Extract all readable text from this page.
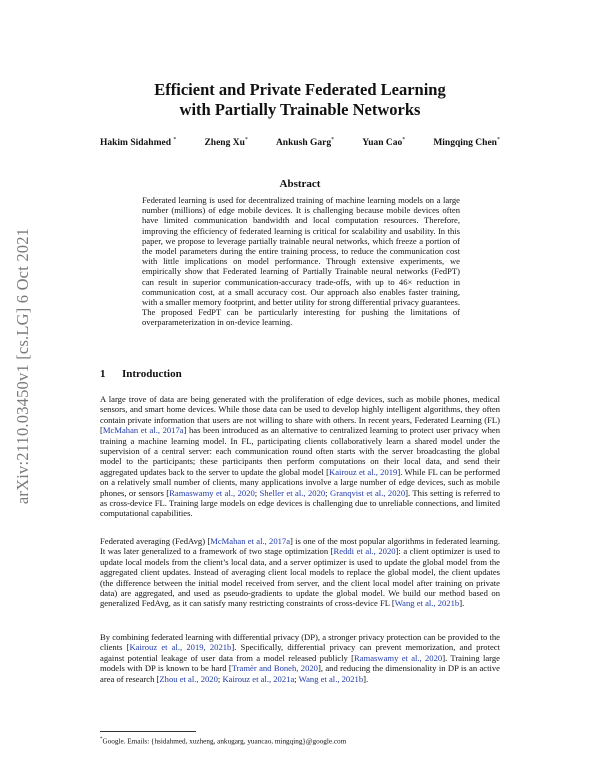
arXiv:2110.03450v1 [cs.LG] 6 Oct 2021
Efficient and Private Federated Learning
with Partially Trainable Networks
Hakim Sidahmed *	Zheng Xu*	Ankush Garg*	Yuan Cao*	Mingqing Chen*
Abstract

Federated learning is used for decentralized training of machine learning models on a large number (millions) of edge mobile devices. It is challenging because mobile devices often have limited communication bandwidth and local computation resources. Therefore, improving the efficiency of federated learning is critical for scalability and usability. In this paper, we propose to leverage partially trainable neural networks, which freeze a portion of the model parameters during the entire training process, to reduce the communication cost with little implications on model performance. Through extensive experiments, we empirically show that Federated learning of Partially Trainable neural networks (FedPT) can result in superior communication-accuracy trade-offs, with up to 46× reduction in communication cost, at a small accuracy cost. Our approach also enables faster training, with a smaller memory footprint, and better utility for strong differential privacy guarantees. The proposed FedPT can be particularly interesting for pushing the limitations of overparameterization in on-device learning.

1 Introduction

A large trove of data are being generated with the proliferation of edge devices, such as mobile phones, medical sensors, and smart home devices. While those data can be used to develop highly intelligent algorithms, they often contain private information that users are not willing to share with others. In recent years, Federated Learning (FL) [McMahan et al., 2017a] has been introduced as an alternative to centralized learning to protect user privacy when training a machine learning model. In FL, participating clients collaboratively learn a shared model under the supervision of a central server: each communication round often starts with the server broadcasting the global model to the participants; these participants then perform computations on their local data, and send their aggregated updates back to the server to update the global model [Kairouz et al., 2019]. While FL can be performed on a relatively small number of clients, many applications involve a large number of edge devices, such as mobile phones, or sensors [Ramaswamy et al., 2020; Sheller et al., 2020; Granqvist et al., 2020]. This setting is referred to as cross-device FL. Training large models on edge devices is challenging due to unreliable connections, and limited computational capabilities.

Federated averaging (FedAvg) [McMahan et al., 2017a] is one of the most popular algorithms in federated learning. It was later generalized to a framework of two stage optimization [Reddi et al., 2020]: a client optimizer is used to update local models from the client’s local data, and a server optimizer is used to update the global model from the aggregated client updates. Instead of averaging client local models to replace the global model, the client updates (the difference between the initial model received from server, and the client local model after training on private data) are aggregated, and used as pseudo-gradients to update the global model. We build our method based on generalized FedAvg, as it can satisfy many restricting constraints of cross-device FL [Wang et al., 2021b].

By combining federated learning with differential privacy (DP), a stronger privacy protection can be provided to the clients [Kairouz et al., 2019, 2021b]. Specifically, differential privacy can prevent memorization, and protect against potential leakage of user data from a model released publicly [Ramaswamy et al., 2020]. Training large models with DP is known to be hard [Tramèr and Boneh, 2020], and reducing the dimensionality in DP is an active area of research [Zhou et al., 2020; Kairouz et al., 2021a; Wang et al., 2021b].

*Google. Emails: {hsidahmed, xuzheng, ankugarg, yuancao, mingqing}@google.com
